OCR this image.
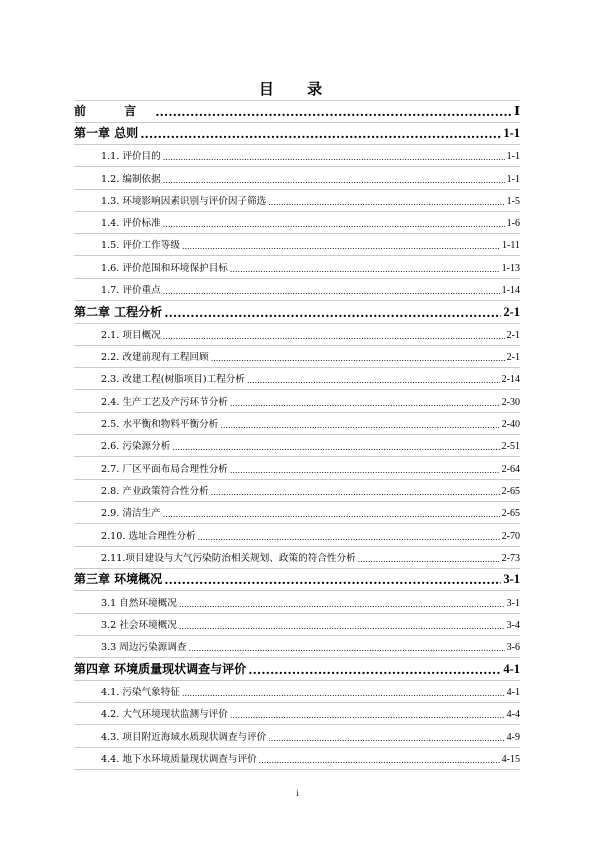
目 录
前 言 .....	Ⅰ
第一章 总则 .....	1-1
1.1. 评价目的 .....	1-1
1.2. 编制依据 .....	1-1
1.3. 环境影响因素识别与评价因子筛选 .....	1-5
1.4. 评价标准 .....	1-6
1.5. 评价工作等级 .....	1-11
1.6. 评价范围和环境保护目标 .....	1-13
1.7. 评价重点 .....	1-14
第二章 工程分析 .....	2-1
2.1. 项目概况 .....	2-1
2.2. 改建前现有工程回顾 .....	2-1
2.3. 改建工程(树脂项目)工程分析 .....	2-14
2.4. 生产工艺及产污环节分析 .....	2-30
2.5. 水平衡和物料平衡分析 .....	2-40
2.6. 污染源分析 .....	2-51
2.7. 厂区平面布局合理性分析 .....	2-64
2.8. 产业政策符合性分析 .....	2-65
2.9. 清洁生产 .....	2-65
2.10. 选址合理性分析 .....	2-70
2.11.项目建设与大气污染防治相关规划、政策的符合性分析 .....	2-73
第三章 环境概况 .....	3-1
3.1 自然环境概况 .....	3-1
3.2 社会环境概况 .....	3-4
3.3 周边污染源调查 .....	3-6
第四章 环境质量现状调查与评价 .....	4-1
4.1. 污染气象特征 .....	4-1
4.2. 大气环境现状监测与评价 .....	4-4
4.3. 项目附近海域水质现状调查与评价 .....	4-9
4.4. 地下水环境质量现状调查与评价 .....	4-15
i
